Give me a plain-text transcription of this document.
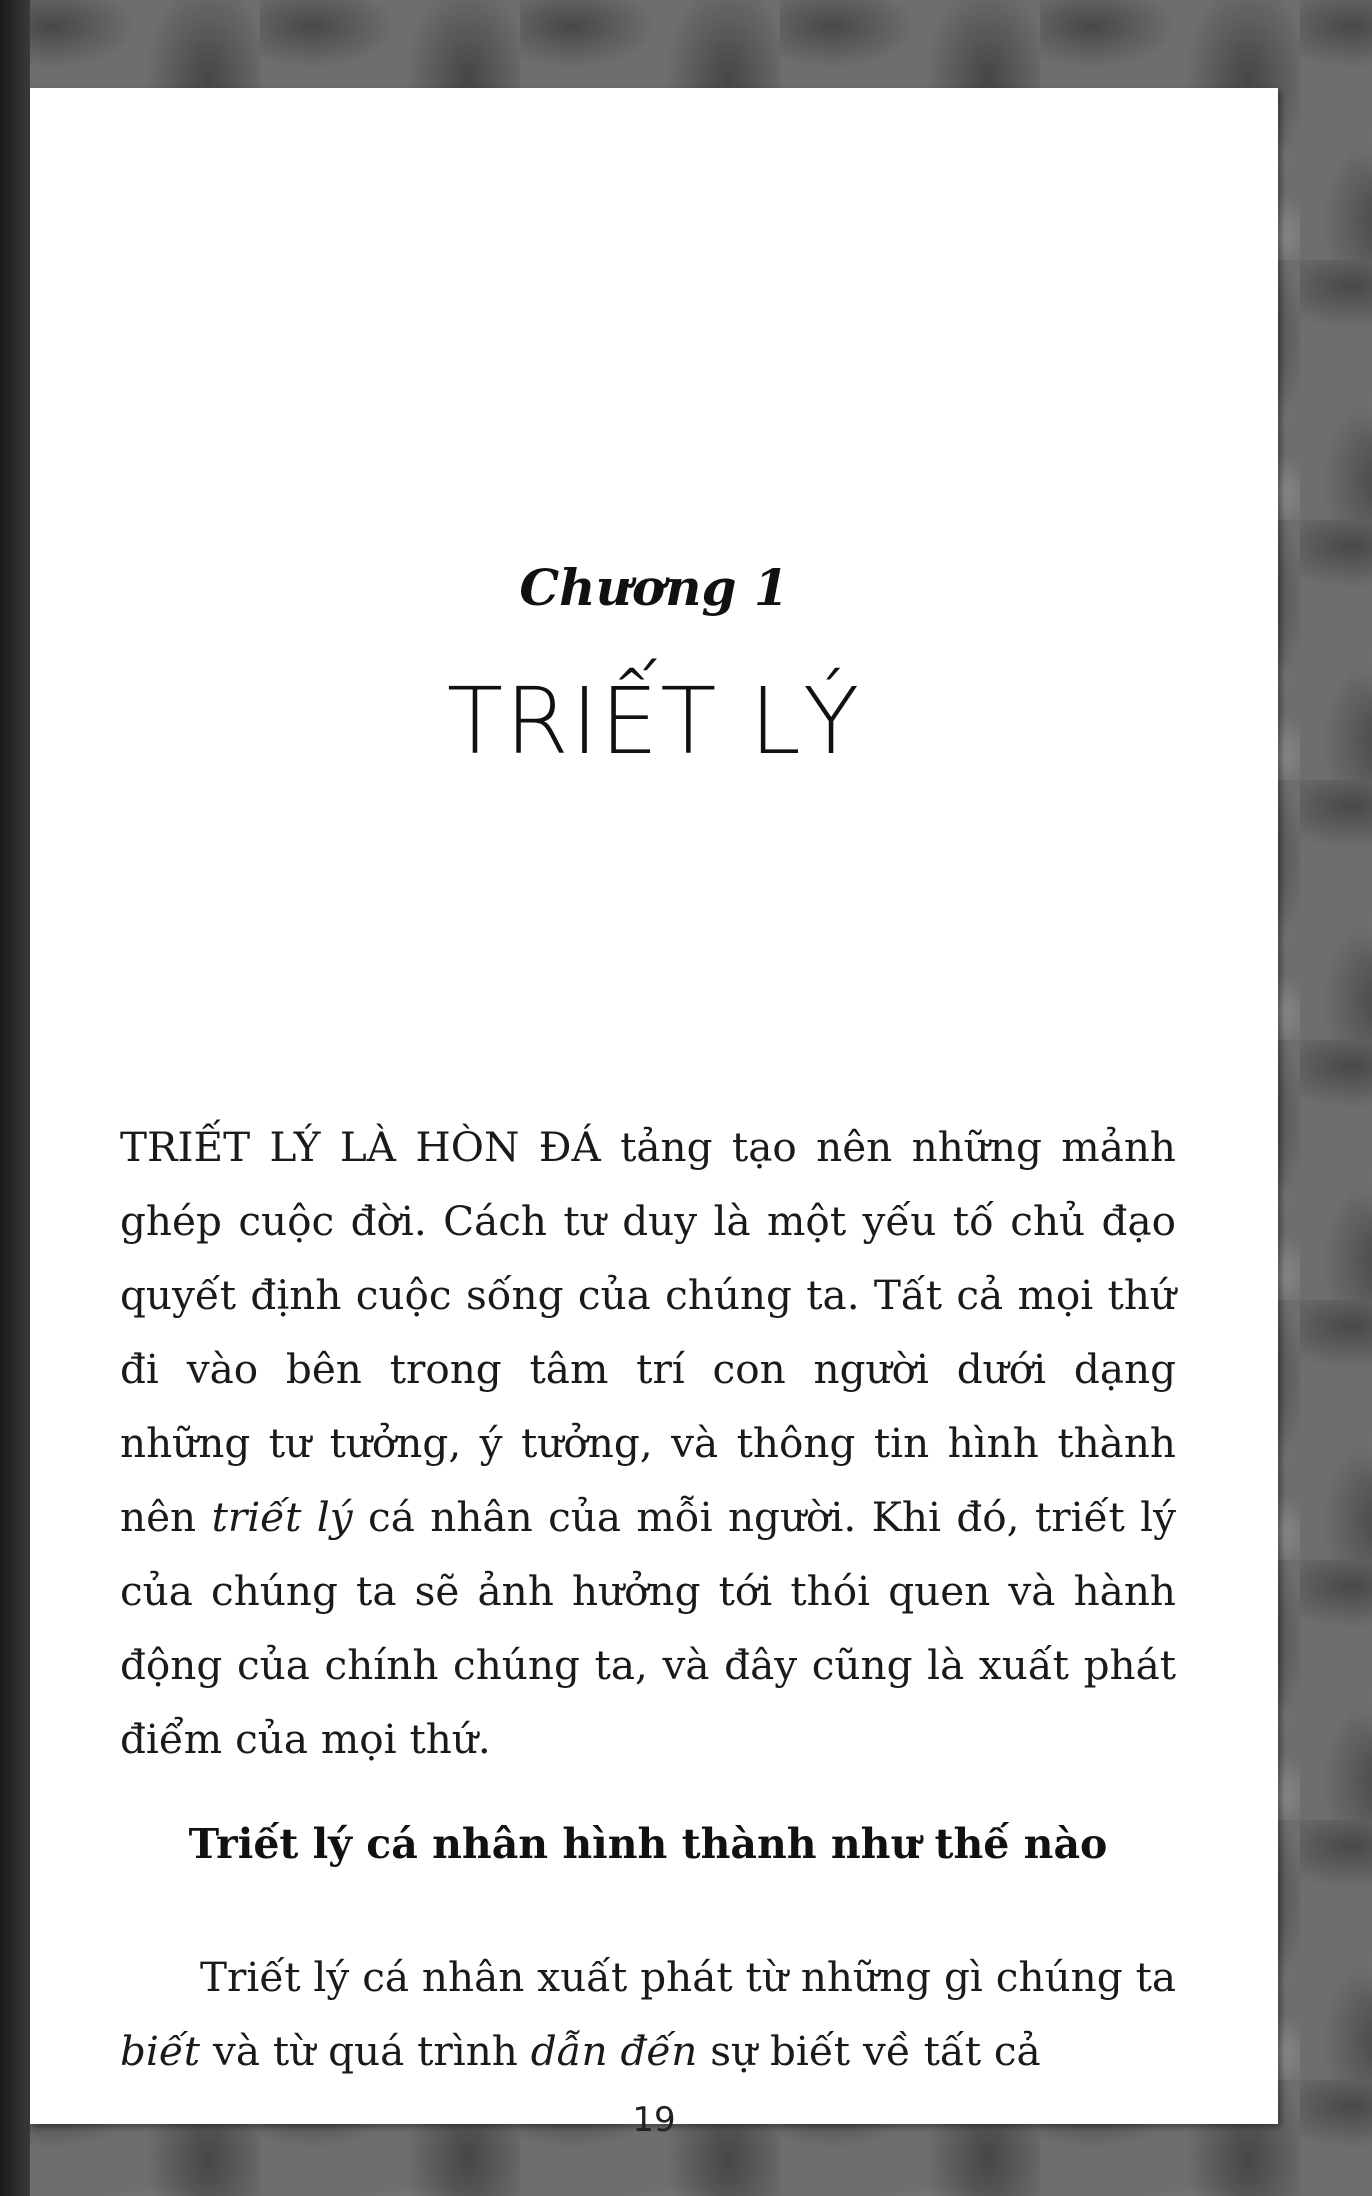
Chương 1
TRIẾT LÝ

TRIẾT LÝ LÀ HÒN ĐÁ tảng tạo nên những mảnh ghép cuộc đời. Cách tư duy là một yếu tố chủ đạo quyết định cuộc sống của chúng ta. Tất cả mọi thứ đi vào bên trong tâm trí con người dưới dạng những tư tưởng, ý tưởng, và thông tin hình thành nên triết lý cá nhân của mỗi người. Khi đó, triết lý của chúng ta sẽ ảnh hưởng tới thói quen và hành động của chính chúng ta, và đây cũng là xuất phát điểm của mọi thứ.

Triết lý cá nhân hình thành như thế nào

Triết lý cá nhân xuất phát từ những gì chúng ta biết và từ quá trình dẫn đến sự biết về tất cả

19
